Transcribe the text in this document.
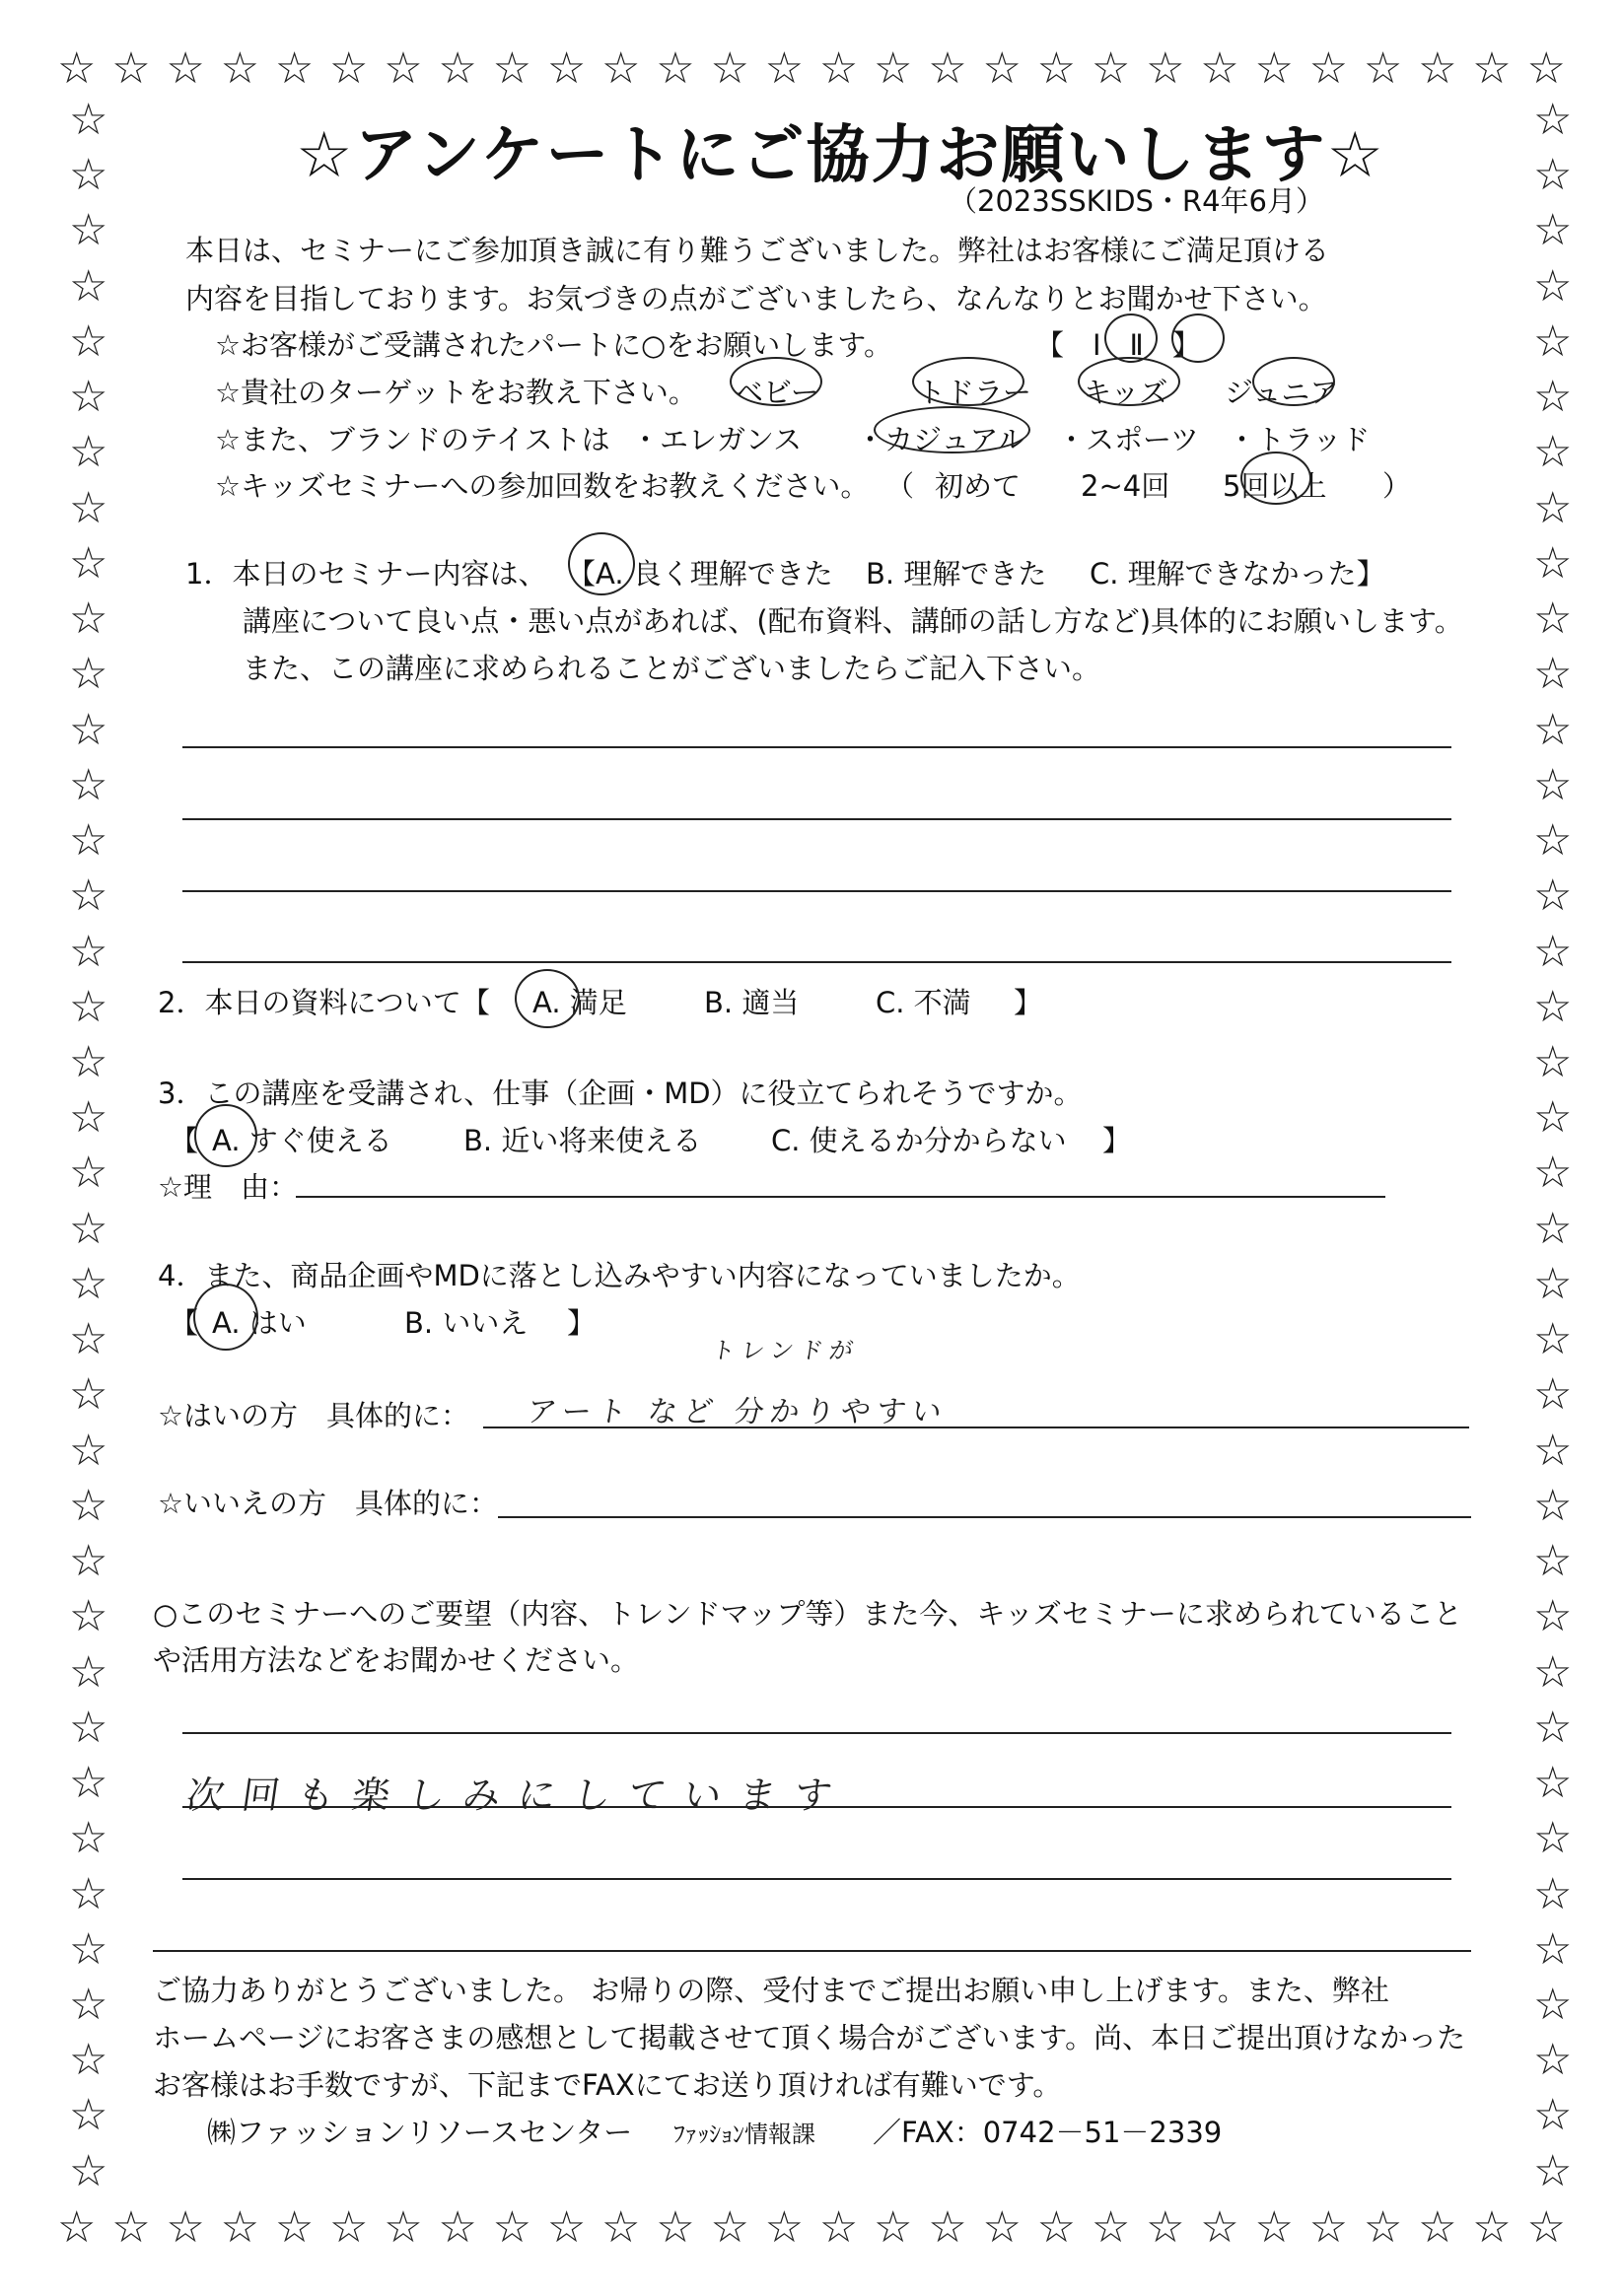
☆ ☆ ☆ ☆ ☆ ☆ ☆ ☆ ☆ ☆ ☆ ☆ ☆ ☆ ☆ ☆ ☆ ☆ ☆ ☆ ☆ ☆ ☆ ☆ ☆ ☆ ☆ ☆
☆ ☆ ☆ ☆ ☆ ☆ ☆ ☆ ☆ ☆ ☆ ☆ ☆ ☆ ☆ ☆ ☆ ☆ ☆ ☆ ☆ ☆ ☆ ☆ ☆ ☆ ☆ ☆
☆
☆
☆
☆
☆
☆
☆
☆
☆
☆
☆
☆
☆
☆
☆
☆
☆
☆
☆
☆
☆
☆
☆
☆
☆
☆
☆
☆
☆
☆
☆
☆
☆
☆
☆
☆
☆
☆
☆
☆
☆
☆
☆
☆
☆
☆
☆
☆
☆
☆
☆
☆
☆
☆
☆
☆
☆
☆
☆
☆
☆
☆
☆
☆
☆
☆
☆
☆
☆
☆
☆
☆
☆
☆
☆
☆
☆アンケートにご協力お願いします☆
（2023SSKIDS・R4年6月）
本日は、セミナーにご参加頂き誠に有り難うございました。弊社はお客様にご満足頂ける
内容を目指しております。お気づきの点がございましたら、なんなりとお聞かせ下さい。
☆お客様がご受講されたパートに○をお願いします。	【　Ⅰ　Ⅱ　】
☆貴社のターゲットをお教え下さい。 ベビー	トドラー キッズ ジュニア
☆また、ブランドのテイストは ・エレガンス ・カジュアル ・スポーツ ・トラッド
☆キッズセミナーへの参加回数をお教えください。 （ 初めて 2~4回 5回以上 ）
1．本日のセミナー内容は、 【A. 良く理解できた B. 理解できた C. 理解できなかった】
講座について良い点・悪い点があれば、(配布資料、講師の話し方など)具体的にお願いします。
また、この講座に求められることがございましたらご記入下さい。
2．本日の資料について【 A. 満足	B. 適当	C. 不満 】
3．この講座を受講され、仕事（企画・MD）に役立てられそうですか。
【 A. すぐ使える B. 近い将来使える C. 使えるか分からない 】
☆理　由：
4．また、商品企画やMDに落とし込みやすい内容になっていましたか。
【 A. はい	B. いいえ 】
☆はいの方　具体的に：
トレンドが
アート など 分かりやすい
☆いいえの方　具体的に：
○このセミナーへのご要望（内容、トレンドマップ等）また今、キッズセミナーに求められていること
や活用方法などをお聞かせください。
次回も楽しみにしています
ご協力ありがとうございました。 お帰りの際、受付までご提出お願い申し上げます。また、弊社
ホームページにお客さまの感想として掲載させて頂く場合がございます。尚、本日ご提出頂けなかった
お客様はお手数ですが、下記までFAXにてお送り頂ければ有難いです。
㈱ファッションリソースセンター ﾌｧｯｼｮﾝ情報課 ／FAX：0742－51－2339
